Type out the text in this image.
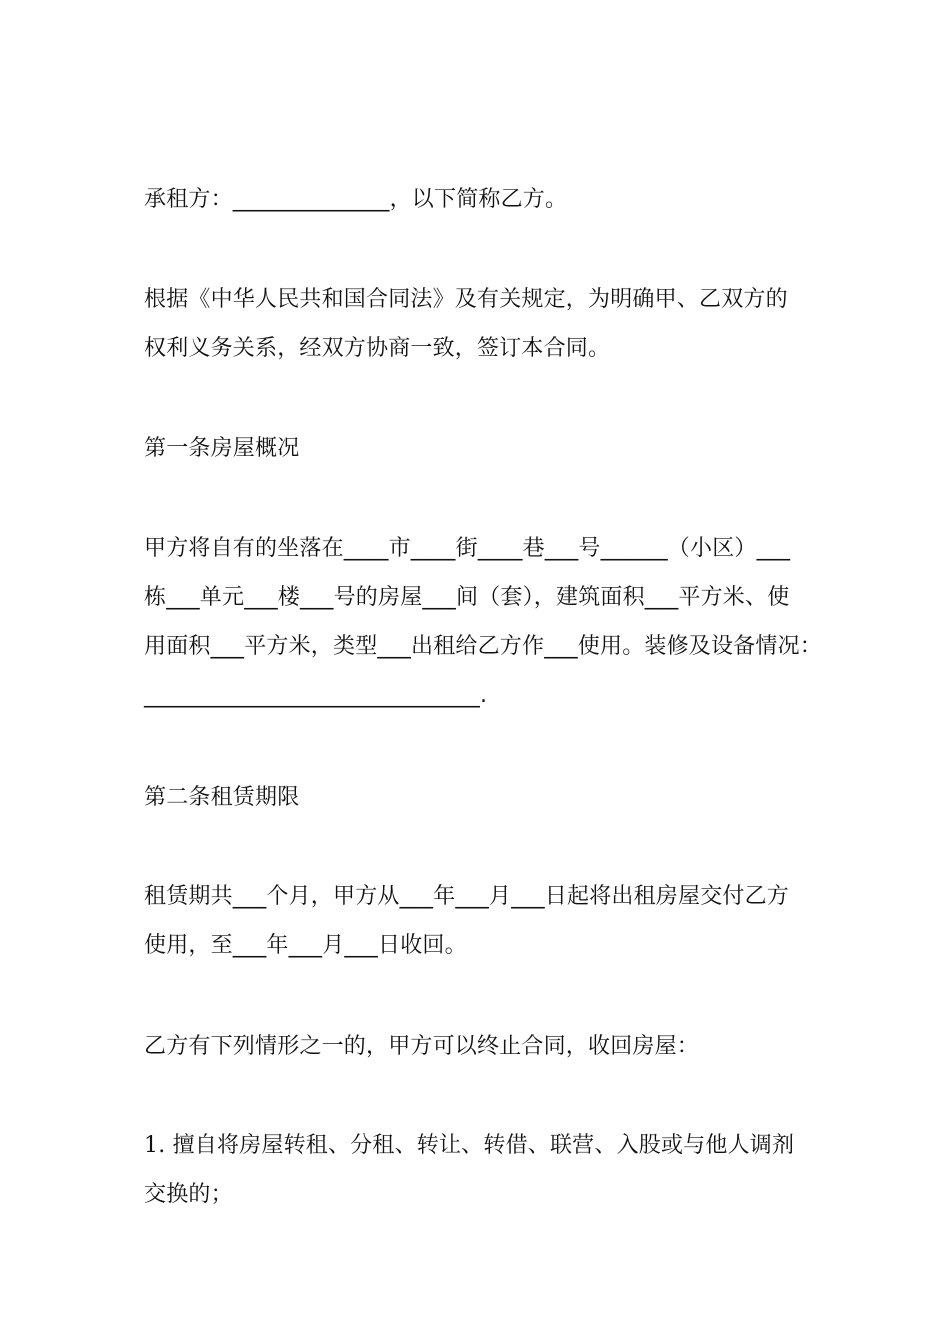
承租方：______________，以下简称乙方。

根据《中华人民共和国合同法》及有关规定，为明确甲、乙双方的
权利义务关系，经双方协商一致，签订本合同。

第一条房屋概况

甲方将自有的坐落在____市____街____巷___号______（小区）___
栋___单元___楼___号的房屋___间（套），建筑面积___平方米、使
用面积___平方米，类型___出租给乙方作___使用。装修及设备情况：
______________________________.

第二条租赁期限

租赁期共___个月，甲方从___年___月___日起将出租房屋交付乙方
使用，至___年___月___日收回。

乙方有下列情形之一的，甲方可以终止合同，收回房屋：

1. 擅自将房屋转租、分租、转让、转借、联营、入股或与他人调剂
交换的；
